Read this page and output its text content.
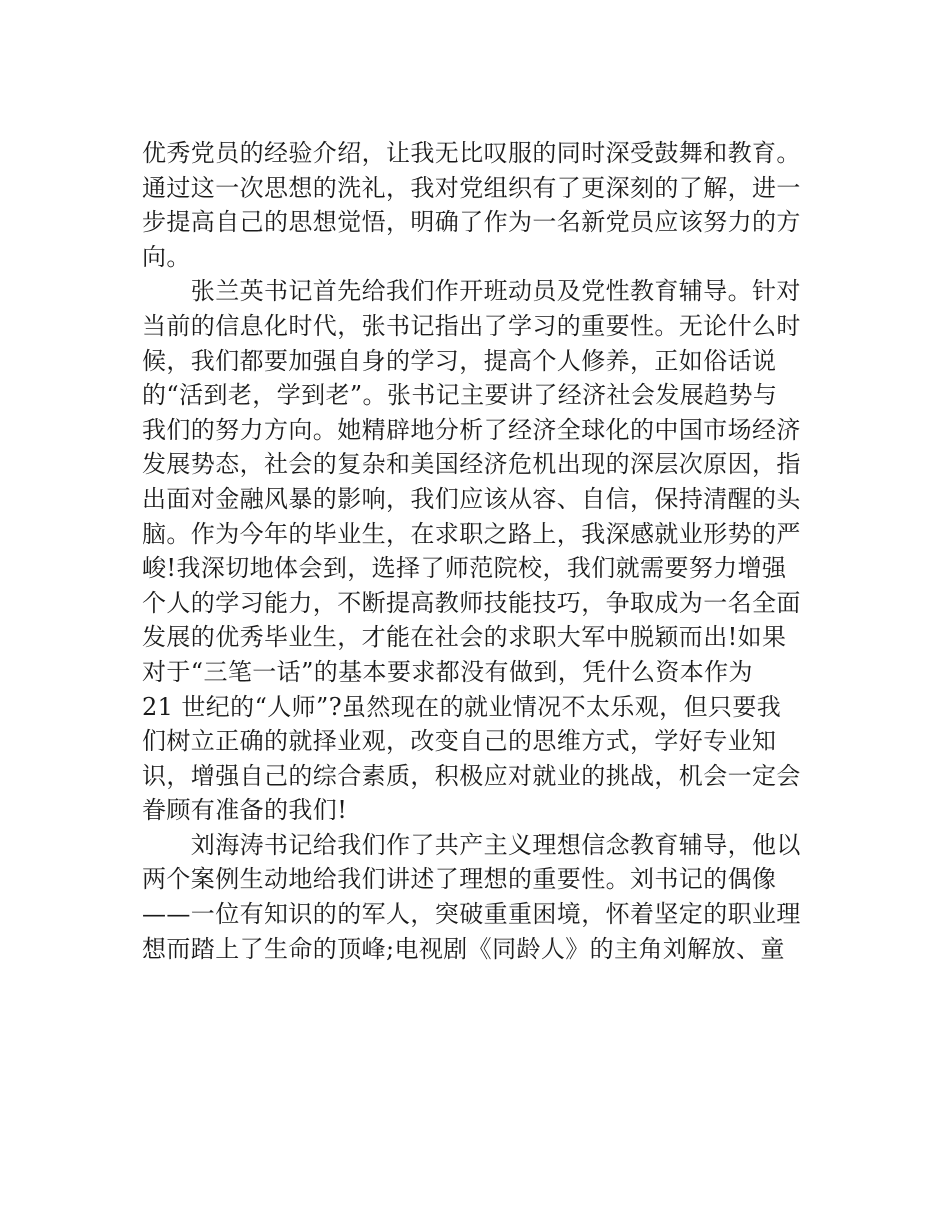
优秀党员的经验介绍，让我无比叹服的同时深受鼓舞和教育。
通过这一次思想的洗礼，我对党组织有了更深刻的了解，进一
步提高自己的思想觉悟，明确了作为一名新党员应该努力的方
向。
　　张兰英书记首先给我们作开班动员及党性教育辅导。针对
当前的信息化时代，张书记指出了学习的重要性。无论什么时
候，我们都要加强自身的学习，提高个人修养，正如俗话说
的“活到老，学到老”。张书记主要讲了经济社会发展趋势与
我们的努力方向。她精辟地分析了经济全球化的中国市场经济
发展势态，社会的复杂和美国经济危机出现的深层次原因，指
出面对金融风暴的影响，我们应该从容、自信，保持清醒的头
脑。作为今年的毕业生，在求职之路上，我深感就业形势的严
峻!我深切地体会到，选择了师范院校，我们就需要努力增强
个人的学习能力，不断提高教师技能技巧，争取成为一名全面
发展的优秀毕业生，才能在社会的求职大军中脱颖而出!如果
对于“三笔一话”的基本要求都没有做到，凭什么资本作为
21 世纪的“人师”?虽然现在的就业情况不太乐观，但只要我
们树立正确的就择业观，改变自己的思维方式，学好专业知
识，增强自己的综合素质，积极应对就业的挑战，机会一定会
眷顾有准备的我们!
　　刘海涛书记给我们作了共产主义理想信念教育辅导，他以
两个案例生动地给我们讲述了理想的重要性。刘书记的偶像
——一位有知识的的军人，突破重重困境，怀着坚定的职业理
想而踏上了生命的顶峰;电视剧《同龄人》的主角刘解放、童
